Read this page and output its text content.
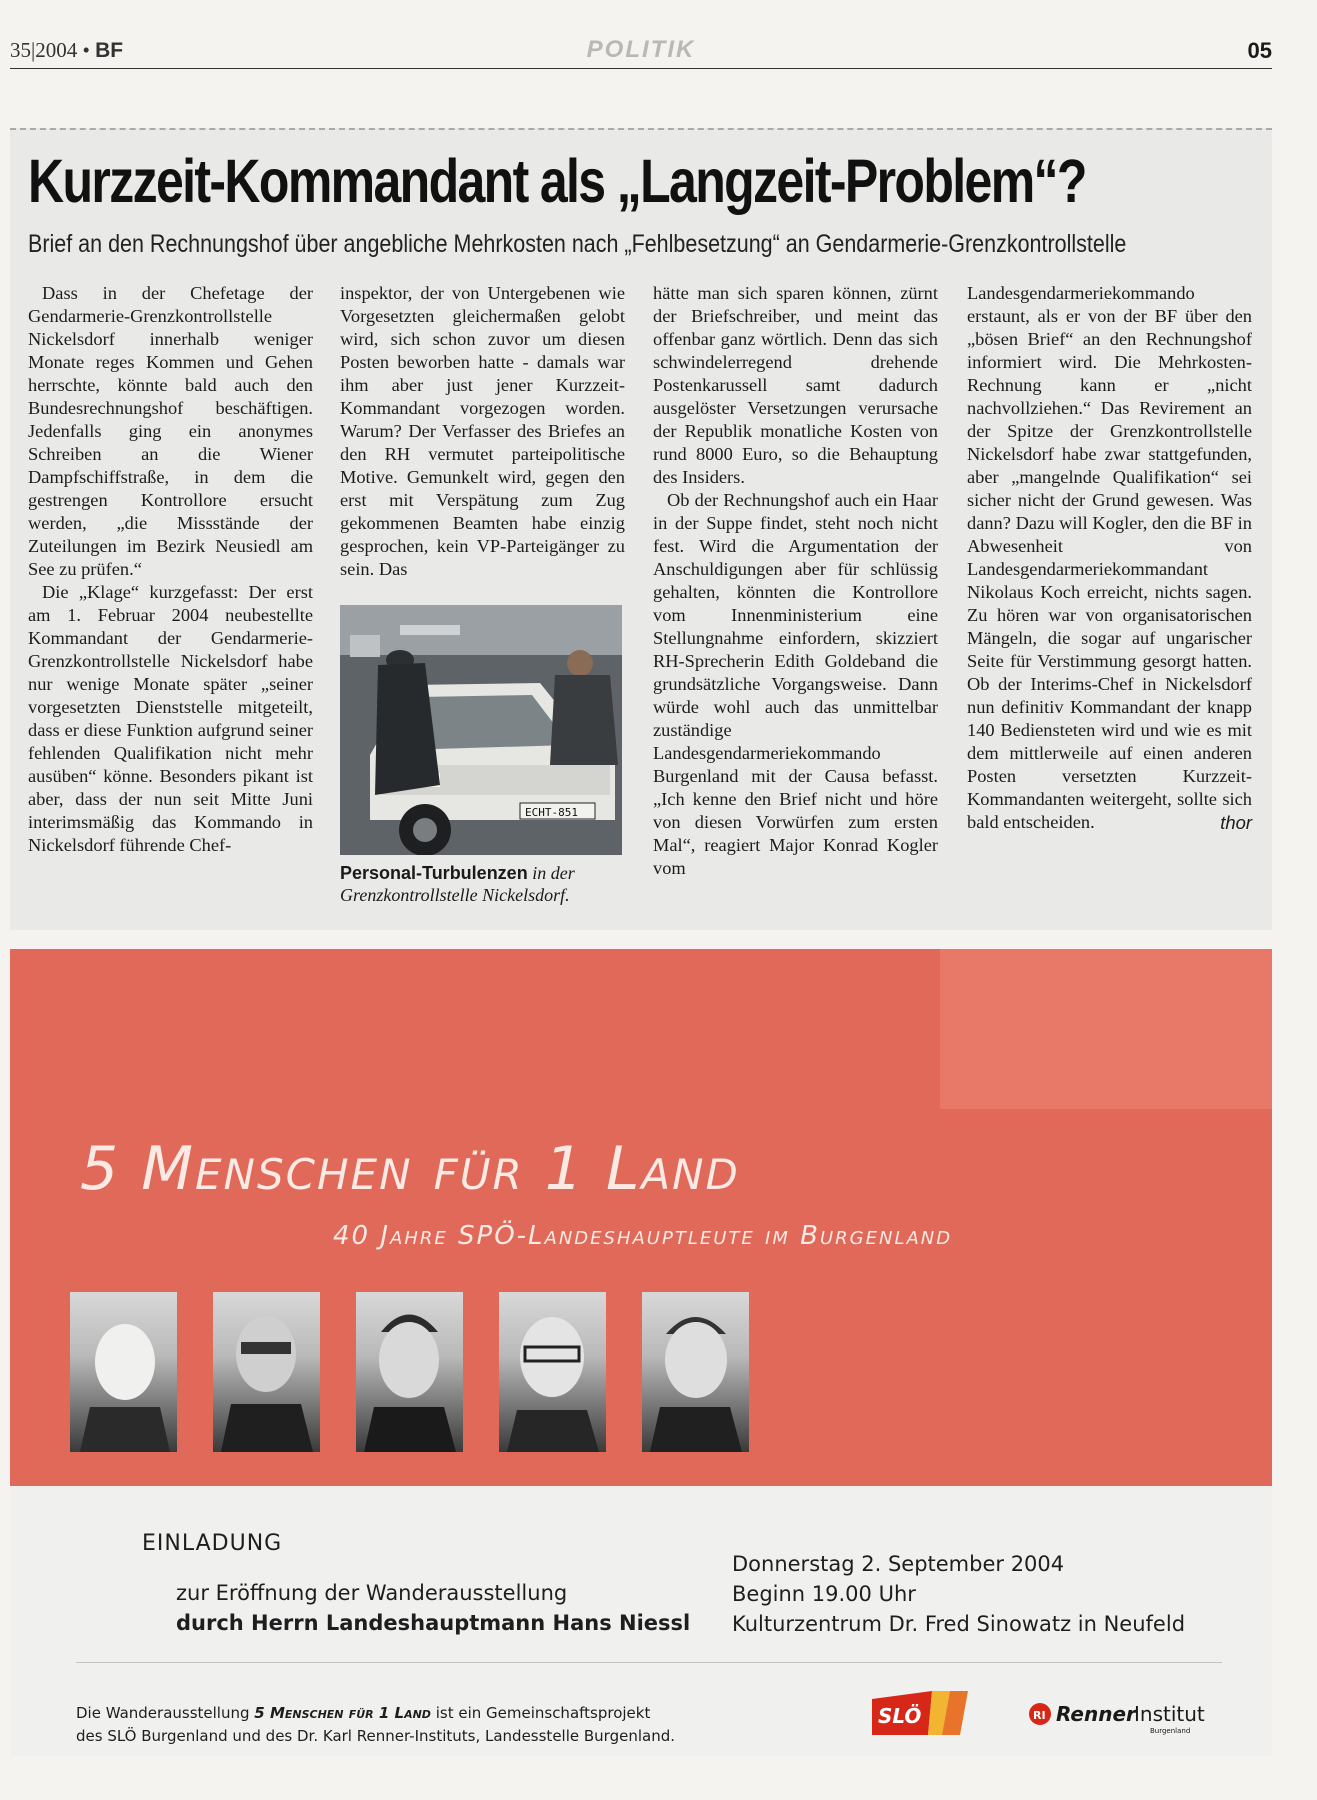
35|2004 • BF	POLITIK	05
Kurzzeit-Kommandant als „Langzeit-Problem“?
Brief an den Rechnungshof über angebliche Mehrkosten nach „Fehlbesetzung“ an Gendarmerie-Grenzkontrollstelle

Dass in der Chefetage der Gendarmerie-Grenzkontrollstelle Nickelsdorf innerhalb weniger Monate reges Kommen und Gehen herrschte, könnte bald auch den Bundesrechnungshof beschäftigen. Jedenfalls ging ein anonymes Schreiben an die Wiener Dampfschiffstraße, in dem die gestrengen Kontrollore ersucht werden, „die Missstände der Zuteilungen im Bezirk Neusiedl am See zu prüfen.“

Die „Klage“ kurzgefasst: Der erst am 1. Februar 2004 neubestellte Kommandant der Gendarmerie-Grenzkontrollstelle Nickelsdorf habe nur wenige Monate später „seiner vorgesetzten Dienststelle mitgeteilt, dass er diese Funktion aufgrund seiner fehlenden Qualifikation nicht mehr ausüben“ könne. Besonders pikant ist aber, dass der nun seit Mitte Juni interimsmäßig das Kommando in Nickelsdorf führende Chef-

inspektor, der von Untergebenen wie Vorgesetzten gleichermaßen gelobt wird, sich schon zuvor um diesen Posten beworben hatte - damals war ihm aber just jener Kurzzeit-Kommandant vorgezogen worden. Warum? Der Verfasser des Briefes an den RH vermutet parteipolitische Motive. Gemunkelt wird, gegen den erst mit Verspätung zum Zug gekommenen Beamten habe einzig gesprochen, kein VP-Parteigänger zu sein. Das

ECHT-851
Personal-Turbulenzen in der Grenzkontrollstelle Nickelsdorf.

hätte man sich sparen können, zürnt der Briefschreiber, und meint das offenbar ganz wörtlich. Denn das sich schwindelerregend drehende Postenkarussell samt dadurch ausgelöster Versetzungen verursache der Republik monatliche Kosten von rund 8000 Euro, so die Behauptung des Insiders.

Ob der Rechnungshof auch ein Haar in der Suppe findet, steht noch nicht fest. Wird die Argumentation der Anschuldigungen aber für schlüssig gehalten, könnten die Kontrollore vom Innenministerium eine Stellungnahme einfordern, skizziert RH-Sprecherin Edith Goldeband die grundsätzliche Vorgangsweise. Dann würde wohl auch das unmittelbar zuständige Landesgendarmeriekommando Burgenland mit der Causa befasst. „Ich kenne den Brief nicht und höre von diesen Vorwürfen zum ersten Mal“, reagiert Major Konrad Kogler vom

Landesgendarmeriekommando erstaunt, als er von der BF über den „bösen Brief“ an den Rechnungshof informiert wird. Die Mehrkosten-Rechnung kann er „nicht nachvollziehen.“ Das Revirement an der Spitze der Grenzkontrollstelle Nickelsdorf habe zwar stattgefunden, aber „mangelnde Qualifikation“ sei sicher nicht der Grund gewesen. Was dann? Dazu will Kogler, den die BF in Abwesenheit von Landesgendarmeriekommandant Nikolaus Koch erreicht, nichts sagen. Zu hören war von organisatorischen Mängeln, die sogar auf ungarischer Seite für Verstimmung gesorgt hatten. Ob der Interims-Chef in Nickelsdorf nun definitiv Kommandant der knapp 140 Bediensteten wird und wie es mit dem mittlerweile auf einen anderen Posten versetzten Kurzzeit-Kommandanten weitergeht, sollte sich bald entscheiden.	thor

5 Menschen für 1 Land
40 Jahre SPÖ-Landeshauptleute im Burgenland
EINLADUNG
zur Eröffnung der Wanderausstellung
durch Herrn Landeshauptmann Hans Niessl
Donnerstag 2. September 2004
Beginn 19.00 Uhr
Kulturzentrum Dr. Fred Sinowatz in Neufeld
Die Wanderausstellung 5 Menschen für 1 Land ist ein Gemeinschaftsprojekt
des SLÖ Burgenland und des Dr. Karl Renner-Instituts, Landesstelle Burgenland.
SLÖ	RI Renner
Institut
Burgenland
